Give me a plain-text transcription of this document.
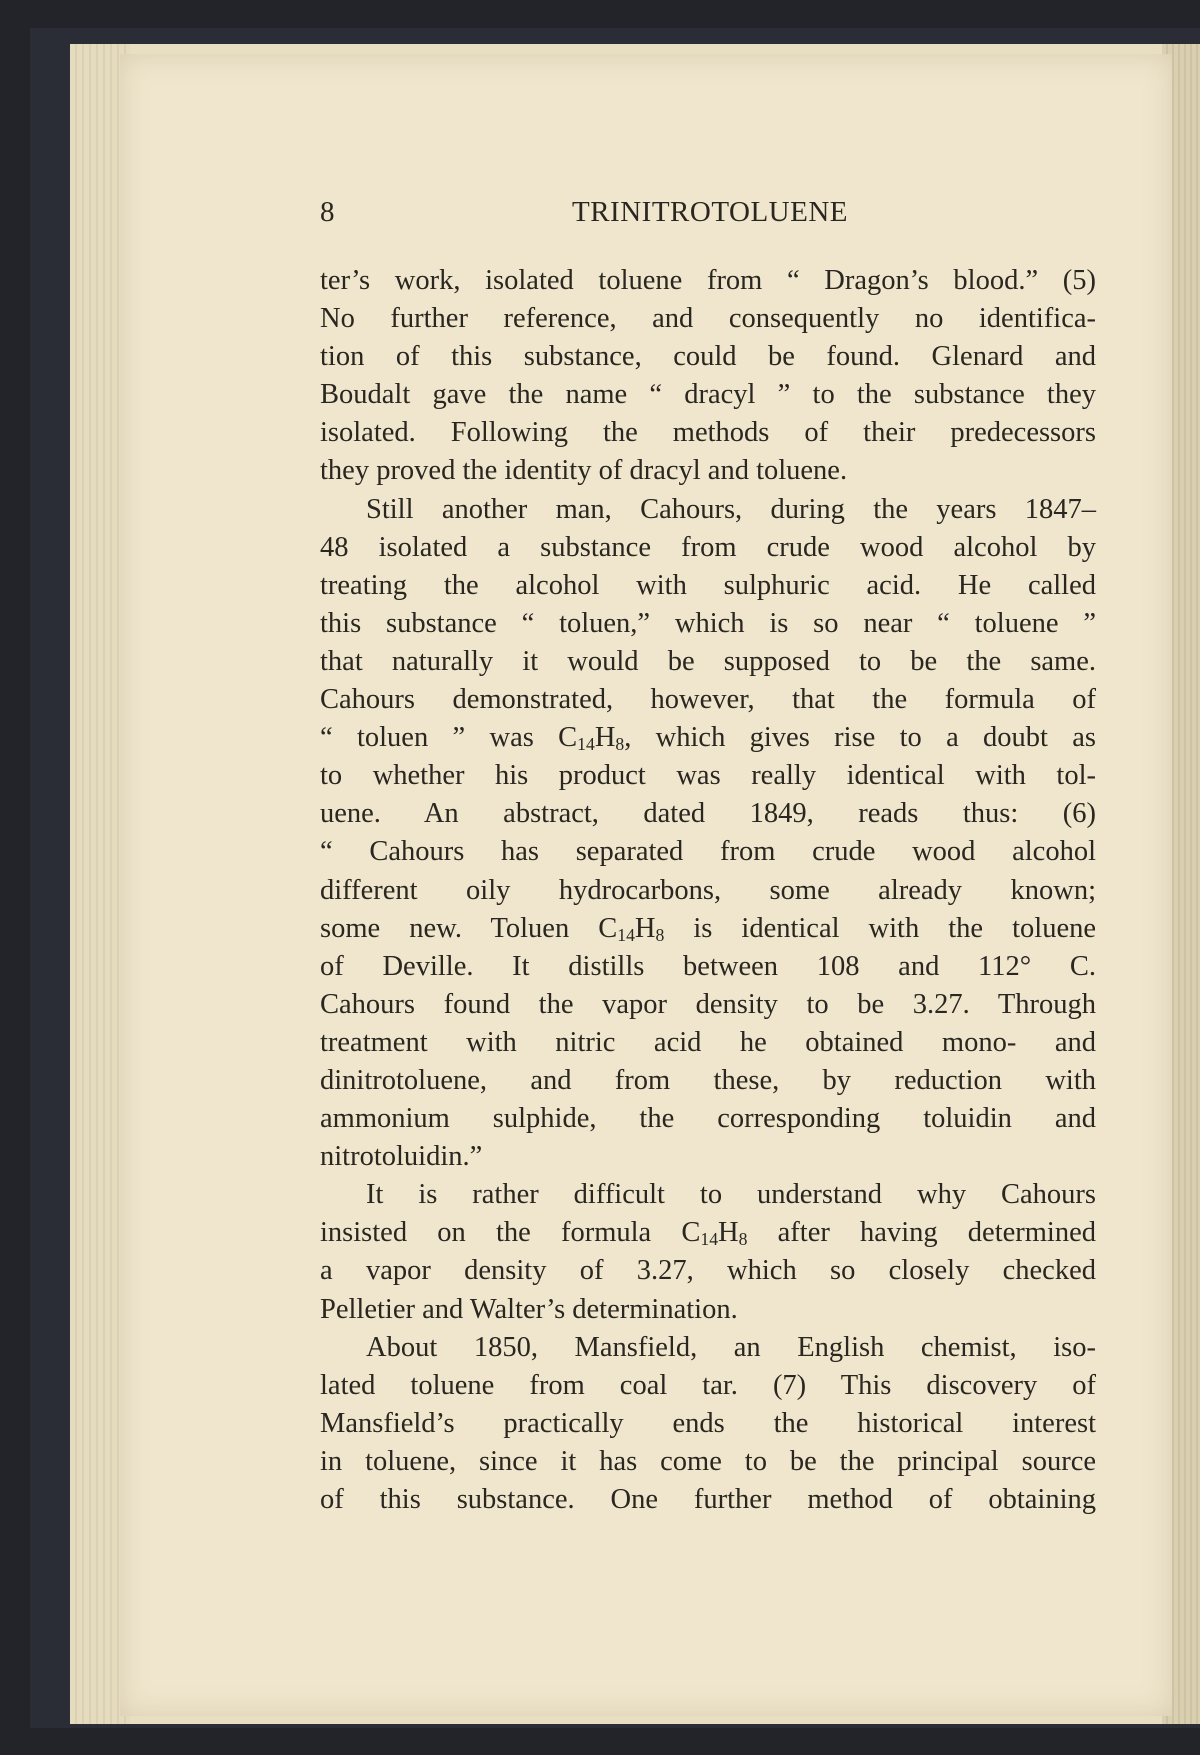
8	TRINITROTOLUENE

ter’s work, isolated toluene from “ Dragon’s blood.” (5)
No further reference, and consequently no identifica-
tion of this substance, could be found. Glenard and
Boudalt gave the name “ dracyl ” to the substance they
isolated. Following the methods of their predecessors
they proved the identity of dracyl and toluene.

Still another man, Cahours, during the years 1847–
48 isolated a substance from crude wood alcohol by
treating the alcohol with sulphuric acid. He called
this substance “ toluen,” which is so near “ toluene ”
that naturally it would be supposed to be the same.
Cahours demonstrated, however, that the formula of
“ toluen ” was $C_{14}H_8$, which gives rise to a doubt as
to whether his product was really identical with tol-
uene. An abstract, dated 1849, reads thus: (6)
“ Cahours has separated from crude wood alcohol
different oily hydrocarbons, some already known;
some new. Toluen $C_{14}H_8$ is identical with the toluene
of Deville. It distills between 108 and 112° C.
Cahours found the vapor density to be 3.27. Through
treatment with nitric acid he obtained mono- and
dinitrotoluene, and from these, by reduction with
ammonium sulphide, the corresponding toluidin and
nitrotoluidin.”

It is rather difficult to understand why Cahours
insisted on the formula $C_{14}H_8$ after having determined
a vapor density of 3.27, which so closely checked
Pelletier and Walter’s determination.

About 1850, Mansfield, an English chemist, iso-
lated toluene from coal tar. (7) This discovery of
Mansfield’s practically ends the historical interest
in toluene, since it has come to be the principal source
of this substance. One further method of obtaining
